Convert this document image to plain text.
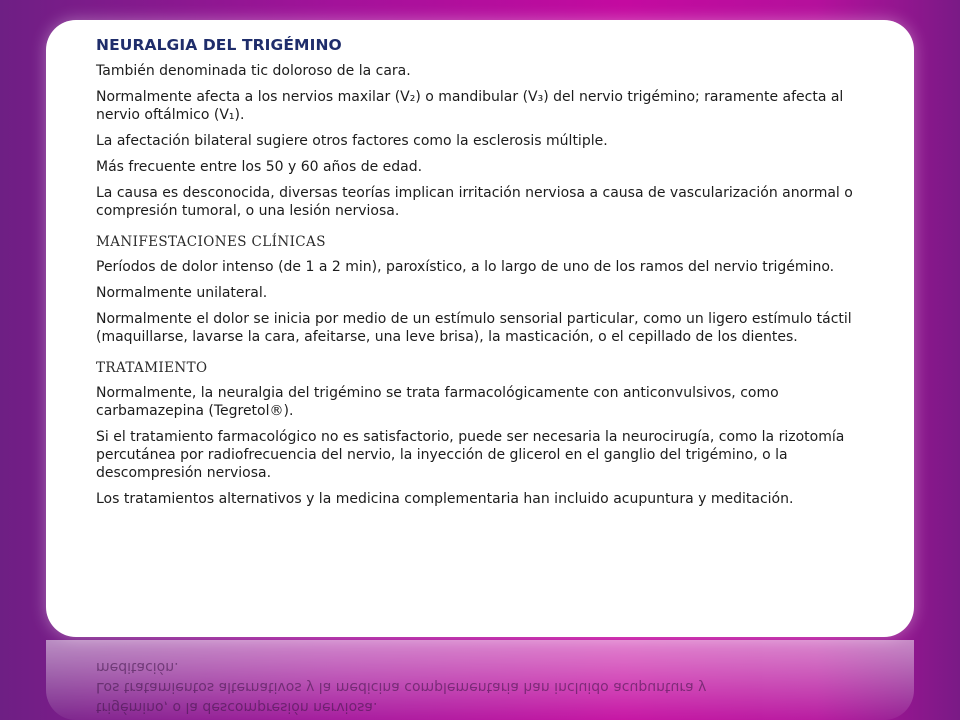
NEURALGIA DEL TRIGÉMINO

También denominada tic doloroso de la cara.

Normalmente afecta a los nervios maxilar (V₂) o mandibular (V₃) del nervio trigémino; raramente afecta al nervio oftálmico (V₁).

La afectación bilateral sugiere otros factores como la esclerosis múltiple.

Más frecuente entre los 50 y 60 años de edad.

La causa es desconocida, diversas teorías implican irritación nerviosa a causa de vascularización anormal o compresión tumoral, o una lesión nerviosa.

MANIFESTACIONES CLÍNICAS

Períodos de dolor intenso (de 1 a 2 min), paroxístico, a lo largo de uno de los ramos del nervio trigémino.

Normalmente unilateral.

Normalmente el dolor se inicia por medio de un estímulo sensorial particular, como un ligero estímulo táctil (maquillarse, lavarse la cara, afeitarse, una leve brisa), la masticación, o el cepillado de los dientes.

TRATAMIENTO

Normalmente, la neuralgia del trigémino se trata farmacológicamente con anticonvulsivos, como carbamazepina (Tegretol®).

Si el tratamiento farmacológico no es satisfactorio, puede ser necesaria la neurocirugía, como la rizotomía percutánea por radiofrecuencia del nervio, la inyección de glicerol en el ganglio del trigémino, o la descompresión nerviosa.

Los tratamientos alternativos y la medicina complementaria han incluido acupuntura y meditación.

trigémino, o la descompresión nerviosa.
Los tratamientos alternativos y la medicina complementaria han incluido acupuntura y
meditación.
